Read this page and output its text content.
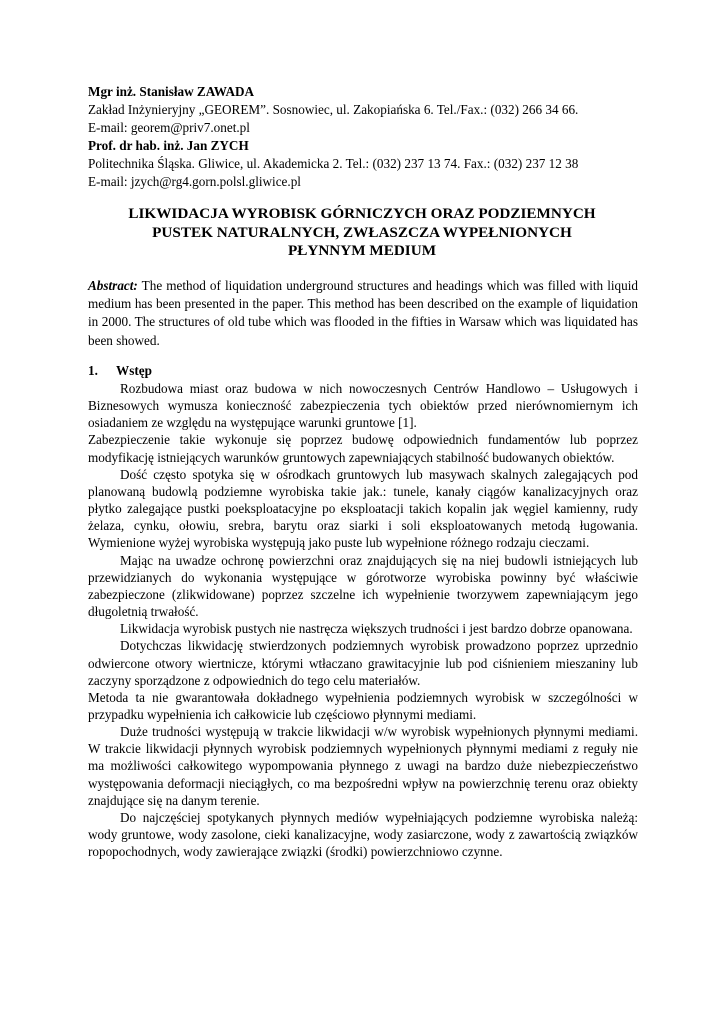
Mgr inż. Stanisław ZAWADA
Zakład Inżynieryjny „GEOREM”. Sosnowiec, ul. Zakopiańska 6. Tel./Fax.: (032) 266 34 66.
E-mail: georem@priv7.onet.pl
Prof. dr hab. inż. Jan ZYCH
Politechnika Śląska. Gliwice, ul. Akademicka 2. Tel.: (032) 237 13 74. Fax.: (032) 237 12 38
E-mail: jzych@rg4.gorn.polsl.gliwice.pl
LIKWIDACJA WYROBISK GÓRNICZYCH ORAZ PODZIEMNYCH
PUSTEK NATURALNYCH, ZWŁASZCZA WYPEŁNIONYCH
PŁYNNYM MEDIUM
Abstract: The method of liquidation underground structures and headings which was filled with liquid medium has been presented in the paper. This method has been described on the example of liquidation in 2000. The structures of old tube which was flooded in the fifties in Warsaw which was liquidated has been showed.
1. Wstęp

Rozbudowa miast oraz budowa w nich nowoczesnych Centrów Handlowo – Usługowych i Biznesowych wymusza konieczność zabezpieczenia tych obiektów przed nierównomiernym ich osiadaniem ze względu na występujące warunki gruntowe [1].

Zabezpieczenie takie wykonuje się poprzez budowę odpowiednich fundamentów lub poprzez modyfikację istniejących warunków gruntowych zapewniających stabilność budowanych obiektów.

Dość często spotyka się w ośrodkach gruntowych lub masywach skalnych zalegających pod planowaną budowlą podziemne wyrobiska takie jak.: tunele, kanały ciągów kanalizacyjnych oraz płytko zalegające pustki poeksploatacyjne po eksploatacji takich kopalin jak węgiel kamienny, rudy żelaza, cynku, ołowiu, srebra, barytu oraz siarki i soli eksploatowanych metodą ługowania. Wymienione wyżej wyrobiska występują jako puste lub wypełnione różnego rodzaju cieczami.

Mając na uwadze ochronę powierzchni oraz znajdujących się na niej budowli istniejących lub przewidzianych do wykonania występujące w górotworze wyrobiska powinny być właściwie zabezpieczone (zlikwidowane) poprzez szczelne ich wypełnienie tworzywem zapewniającym jego długoletnią trwałość.

Likwidacja wyrobisk pustych nie nastręcza większych trudności i jest bardzo dobrze opanowana.

Dotychczas likwidację stwierdzonych podziemnych wyrobisk prowadzono poprzez uprzednio odwiercone otwory wiertnicze, którymi wtłaczano grawitacyjnie lub pod ciśnieniem mieszaniny lub zaczyny sporządzone z odpowiednich do tego celu materiałów.

Metoda ta nie gwarantowała dokładnego wypełnienia podziemnych wyrobisk w szczególności w przypadku wypełnienia ich całkowicie lub częściowo płynnymi mediami.

Duże trudności występują w trakcie likwidacji w/w wyrobisk wypełnionych płynnymi mediami. W trakcie likwidacji płynnych wyrobisk podziemnych wypełnionych płynnymi mediami z reguły nie ma możliwości całkowitego wypompowania płynnego z uwagi na bardzo duże niebezpieczeństwo występowania deformacji nieciągłych, co ma bezpośredni wpływ na powierzchnię terenu oraz obiekty znajdujące się na danym terenie.

Do najczęściej spotykanych płynnych mediów wypełniających podziemne wyrobiska należą: wody gruntowe, wody zasolone, cieki kanalizacyjne, wody zasiarczone, wody z zawartością związków ropopochodnych, wody zawierające związki (środki) powierzchniowo czynne.
